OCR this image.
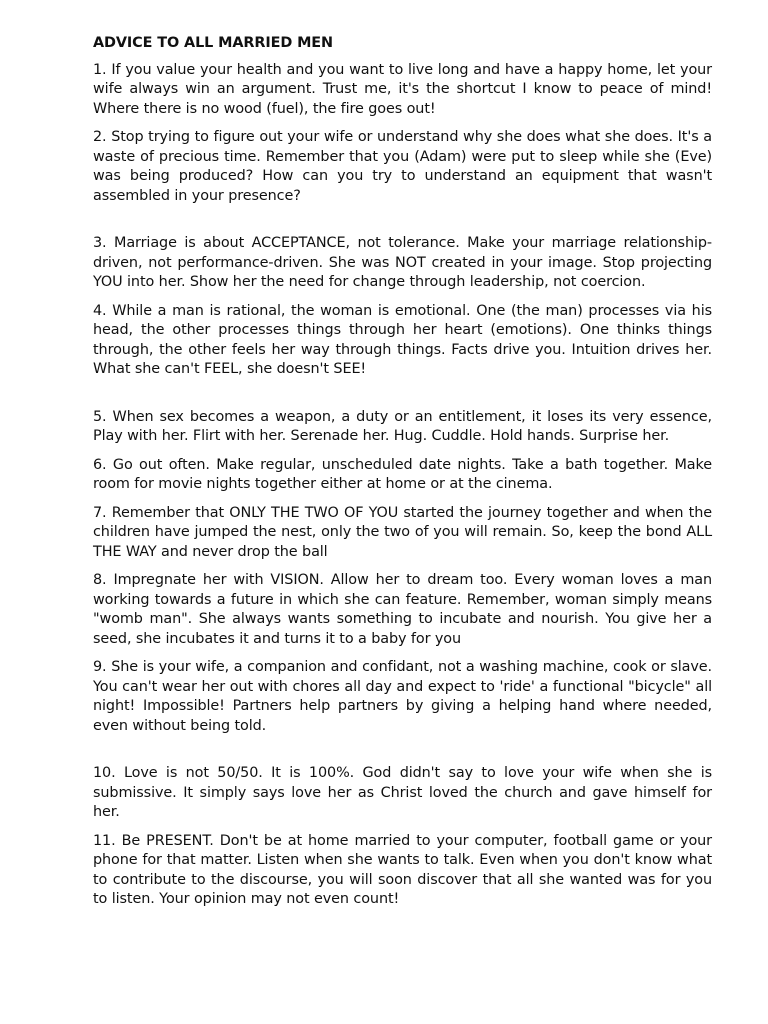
ADVICE TO ALL MARRIED MEN

1. If you value your health and you want to live long and have a happy home, let your wife always win an argument. Trust me, it's the shortcut I know to peace of mind! Where there is no wood (fuel), the fire goes out!

2. Stop trying to figure out your wife or understand why she does what she does. It's a waste of precious time. Remember that you (Adam) were put to sleep while she (Eve) was being produced? How can you try to understand an equipment that wasn't assembled in your presence?

3. Marriage is about ACCEPTANCE, not tolerance. Make your marriage relationship-driven, not performance-driven. She was NOT created in your image. Stop projecting YOU into her. Show her the need for change through leadership, not coercion.

4. While a man is rational, the woman is emotional. One (the man) processes via his head, the other processes things through her heart (emotions). One thinks things through, the other feels her way through things. Facts drive you. Intuition drives her. What she can't FEEL, she doesn't SEE!

5. When sex becomes a weapon, a duty or an entitlement, it loses its very essence, Play with her. Flirt with her. Serenade her. Hug. Cuddle. Hold hands. Surprise her.

6. Go out often. Make regular, unscheduled date nights. Take a bath together. Make room for movie nights together either at home or at the cinema.

7. Remember that ONLY THE TWO OF YOU started the journey together and when the children have jumped the nest, only the two of you will remain. So, keep the bond ALL THE WAY and never drop the ball

8. Impregnate her with VISION. Allow her to dream too. Every woman loves a man working towards a future in which she can feature. Remember, woman simply means "womb man". She always wants something to incubate and nourish. You give her a seed, she incubates it and turns it to a baby for you

9. She is your wife, a companion and confidant, not a washing machine, cook or slave. You can't wear her out with chores all day and expect to 'ride' a functional "bicycle" all night! Impossible! Partners help partners by giving a helping hand where needed, even without being told.

10. Love is not 50/50. It is 100%. God didn't say to love your wife when she is submissive. It simply says love her as Christ loved the church and gave himself for her.

11. Be PRESENT. Don't be at home married to your computer, football game or your phone for that matter. Listen when she wants to talk. Even when you don't know what to contribute to the discourse, you will soon discover that all she wanted was for you to listen. Your opinion may not even count!
